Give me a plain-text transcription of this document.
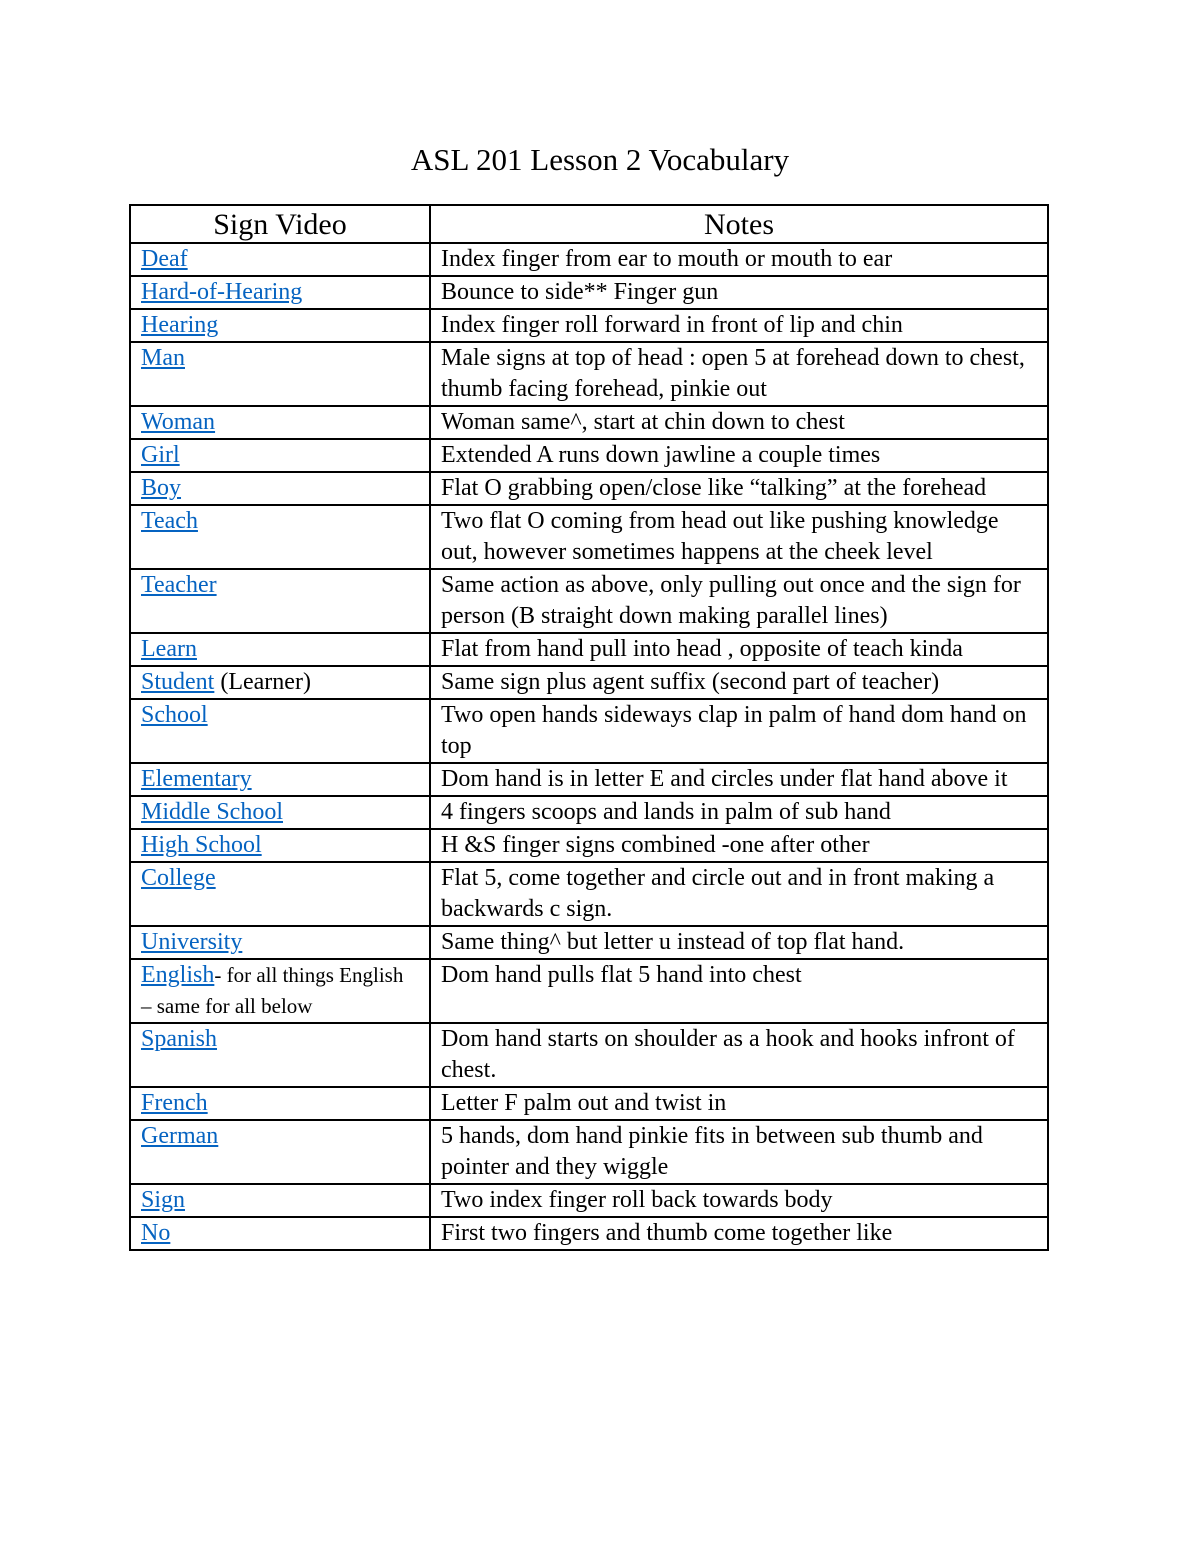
ASL 201 Lesson 2 Vocabulary
Sign Video	Notes
Deaf	Index finger from ear to mouth or mouth to ear
Hard-of-Hearing	Bounce to side** Finger gun
Hearing	Index finger roll forward in front of lip and chin
Man	Male signs at top of head : open 5 at forehead down to chest, thumb facing forehead, pinkie out
Woman	Woman same^, start at chin down to chest
Girl	Extended A runs down jawline a couple times
Boy	Flat O grabbing open/close like “talking” at the forehead
Teach	Two flat O coming from head out like pushing knowledge out, however sometimes happens at the cheek level
Teacher	Same action as above, only pulling out once and the sign for person (B straight down making parallel lines)
Learn	Flat from hand pull into head , opposite of teach kinda
Student (Learner)	Same sign plus agent suffix (second part of teacher)
School	Two open hands sideways clap in palm of hand dom hand on top
Elementary	Dom hand is in letter E and circles under flat hand above it
Middle School	4 fingers scoops and lands in palm of sub hand
High School	H &S finger signs combined -one after other
College	Flat 5, come together and circle out and in front making a backwards c sign.
University	Same thing^ but letter u instead of top flat hand.
English- for all things English – same for all below	Dom hand pulls flat 5 hand into chest
Spanish	Dom hand starts on shoulder as a hook and hooks infront of chest.
French	Letter F palm out and twist in
German	5 hands, dom hand pinkie fits in between sub thumb and pointer and they wiggle
Sign	Two index finger roll back towards body
No	First two fingers and thumb come together like
